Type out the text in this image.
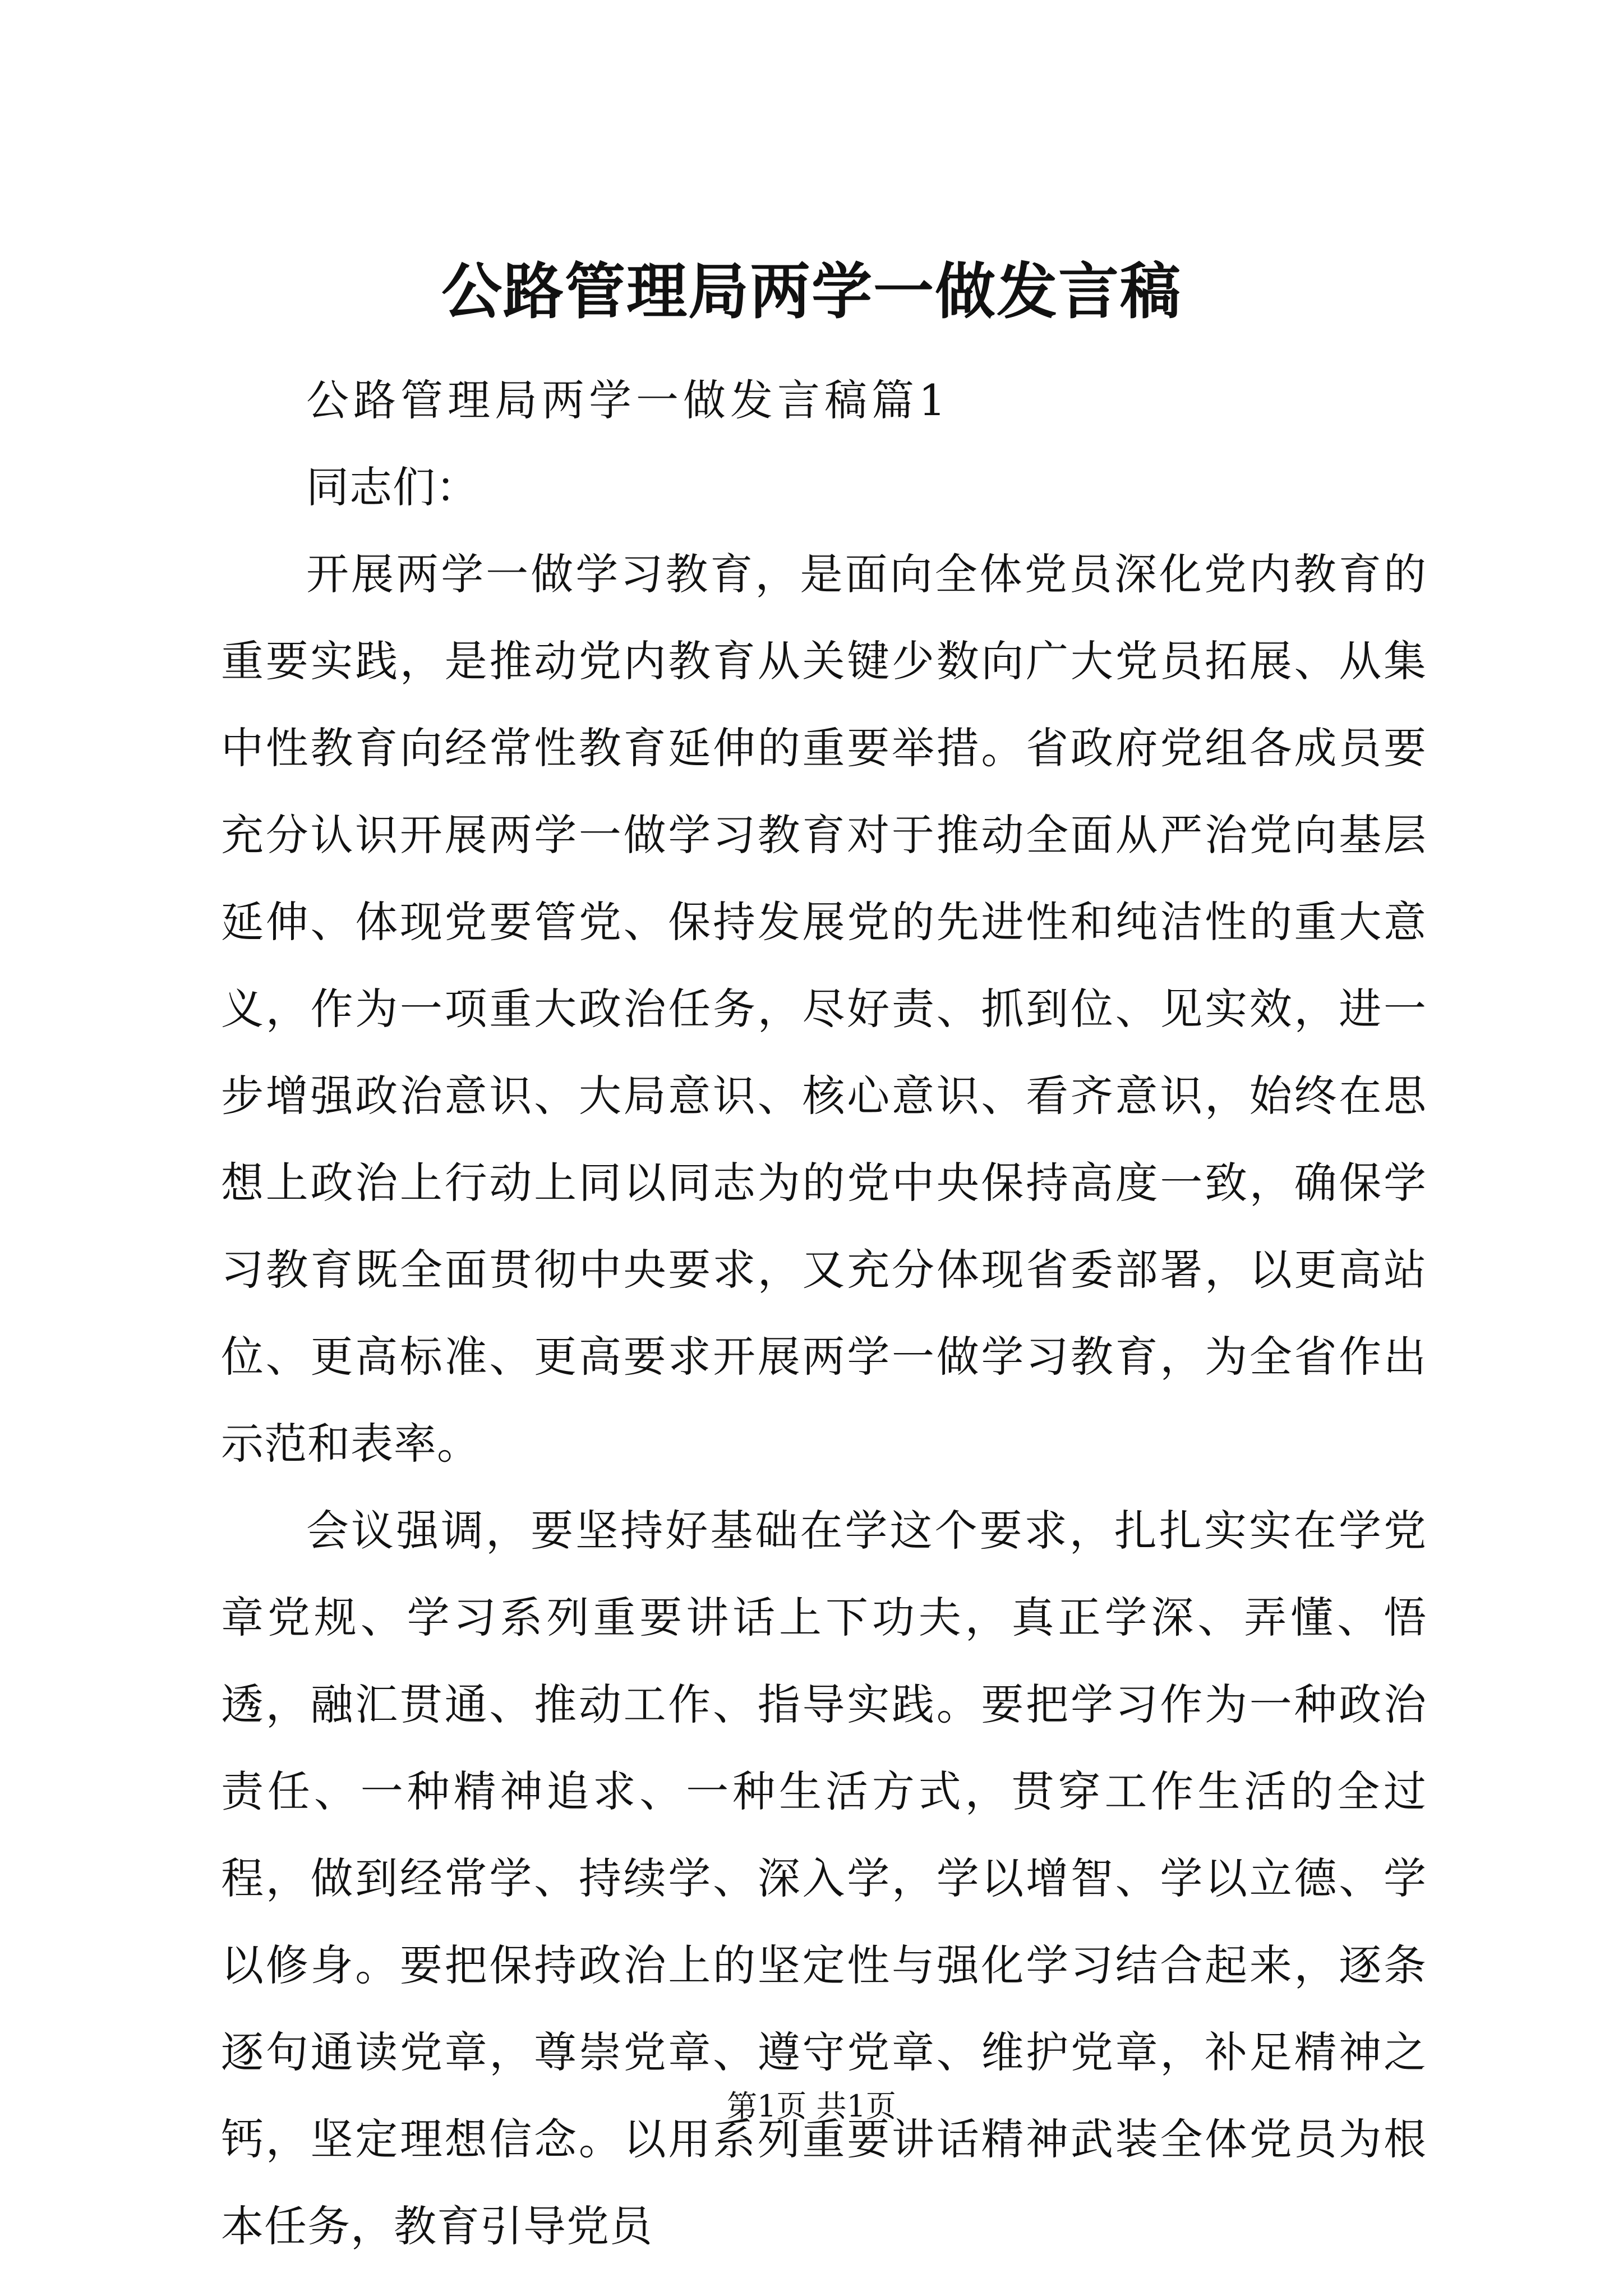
公路管理局两学一做发言稿

公路管理局两学一做发言稿篇1

同志们：

开展两学一做学习教育，是面向全体党员深化党内教育的重要实践，是推动党内教育从关键少数向广大党员拓展、从集中性教育向经常性教育延伸的重要举措。省政府党组各成员要充分认识开展两学一做学习教育对于推动全面从严治党向基层延伸、体现党要管党、保持发展党的先进性和纯洁性的重大意义，作为一项重大政治任务，尽好责、抓到位、见实效，进一步增强政治意识、大局意识、核心意识、看齐意识，始终在思想上政治上行动上同以同志为的党中央保持高度一致，确保学习教育既全面贯彻中央要求，又充分体现省委部署，以更高站位、更高标准、更高要求开展两学一做学习教育，为全省作出示范和表率。

会议强调，要坚持好基础在学这个要求，扎扎实实在学党章党规、学习系列重要讲话上下功夫，真正学深、弄懂、悟透，融汇贯通、推动工作、指导实践。要把学习作为一种政治责任、一种精神追求、一种生活方式，贯穿工作生活的全过程，做到经常学、持续学、深入学，学以增智、学以立德、学以修身。要把保持政治上的坚定性与强化学习结合起来，逐条逐句通读党章，尊崇党章、遵守党章、维护党章，补足精神之钙，坚定理想信念。以用系列重要讲话精神武装全体党员为根本任务，教育引导党员

第1页 共1页
